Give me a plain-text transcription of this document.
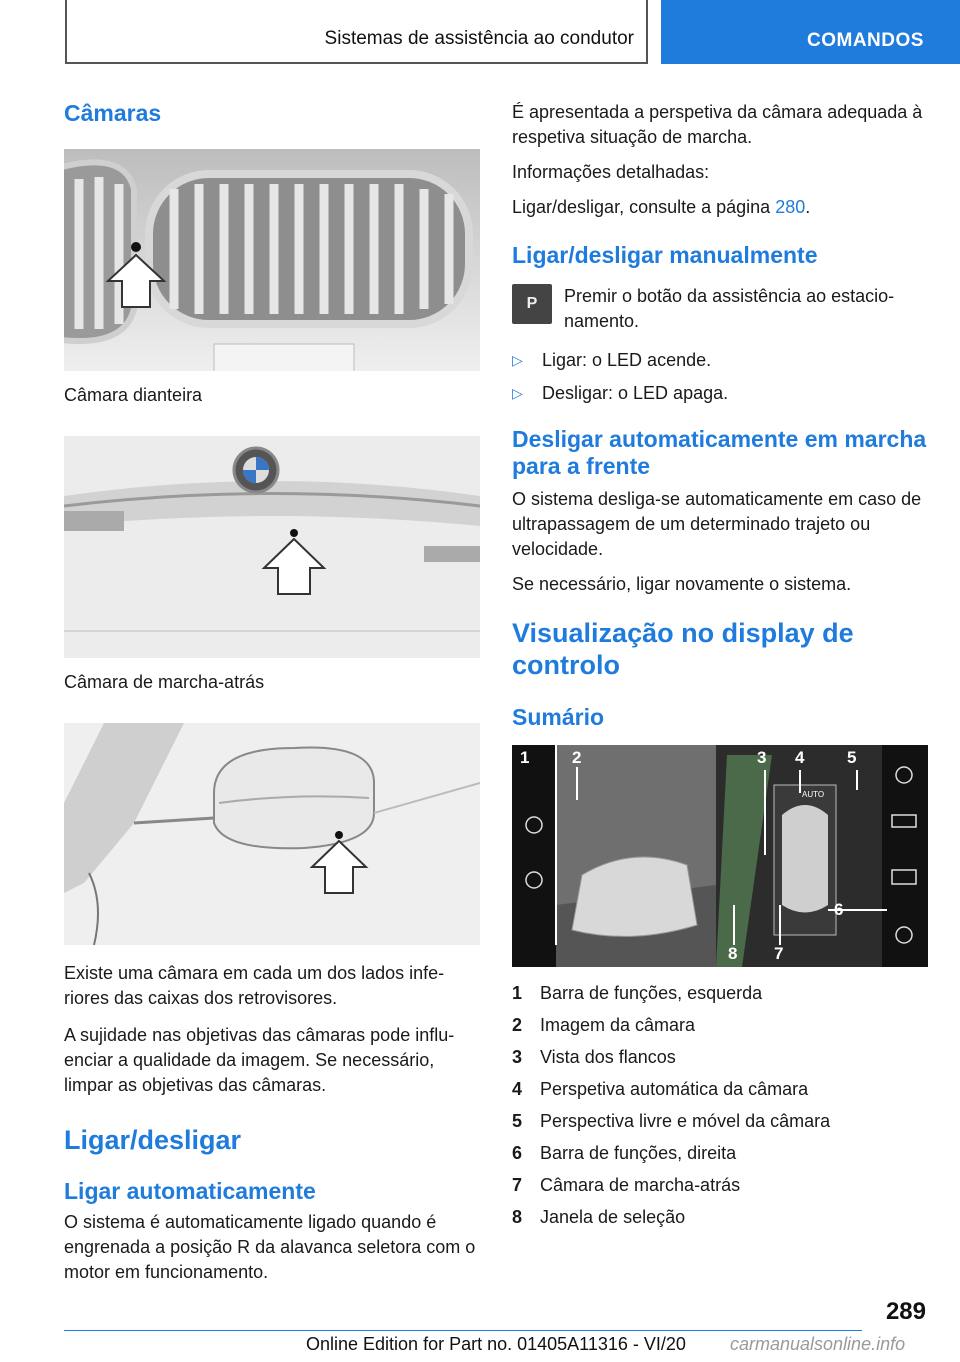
Sistemas de assistência ao condutor	COMANDOS
Câmaras

Câmara dianteira

Câmara de marcha-atrás

Existe uma câmara em cada um dos lados infe-riores das caixas dos retrovisores.

A sujidade nas objetivas das câmaras pode influ-enciar a qualidade da imagem. Se necessário, limpar as objetivas das câmaras.

Ligar/desligar
Ligar automaticamente

O sistema é automaticamente ligado quando é engrenada a posição R da alavanca seletora com o motor em funcionamento.

É apresentada a perspetiva da câmara adequada à respetiva situação de marcha.

Informações detalhadas:

Ligar/desligar, consulte a página 280.

Ligar/desligar manualmente
P Premir o botão da assistência ao estacio-namento.

▷	Ligar: o LED acende.
▷	Desligar: o LED apaga.
Desligar automaticamente em marcha para a frente

O sistema desliga-se automaticamente em caso de ultrapassagem de um determinado trajeto ou velocidade.

Se necessário, ligar novamente o sistema.

Visualização no display de controlo
Sumário
1	2	3 4	5
6
7
8
AUTO
1 Barra de funções, esquerda
2 Imagem da câmara
3 Vista dos flancos
4 Perspetiva automática da câmara
5 Perspectiva livre e móvel da câmara
6 Barra de funções, direita
7 Câmara de marcha-atrás
8 Janela de seleção
289
Online Edition for Part no. 01405A11316 - VI/20 carmanualsonline.info
